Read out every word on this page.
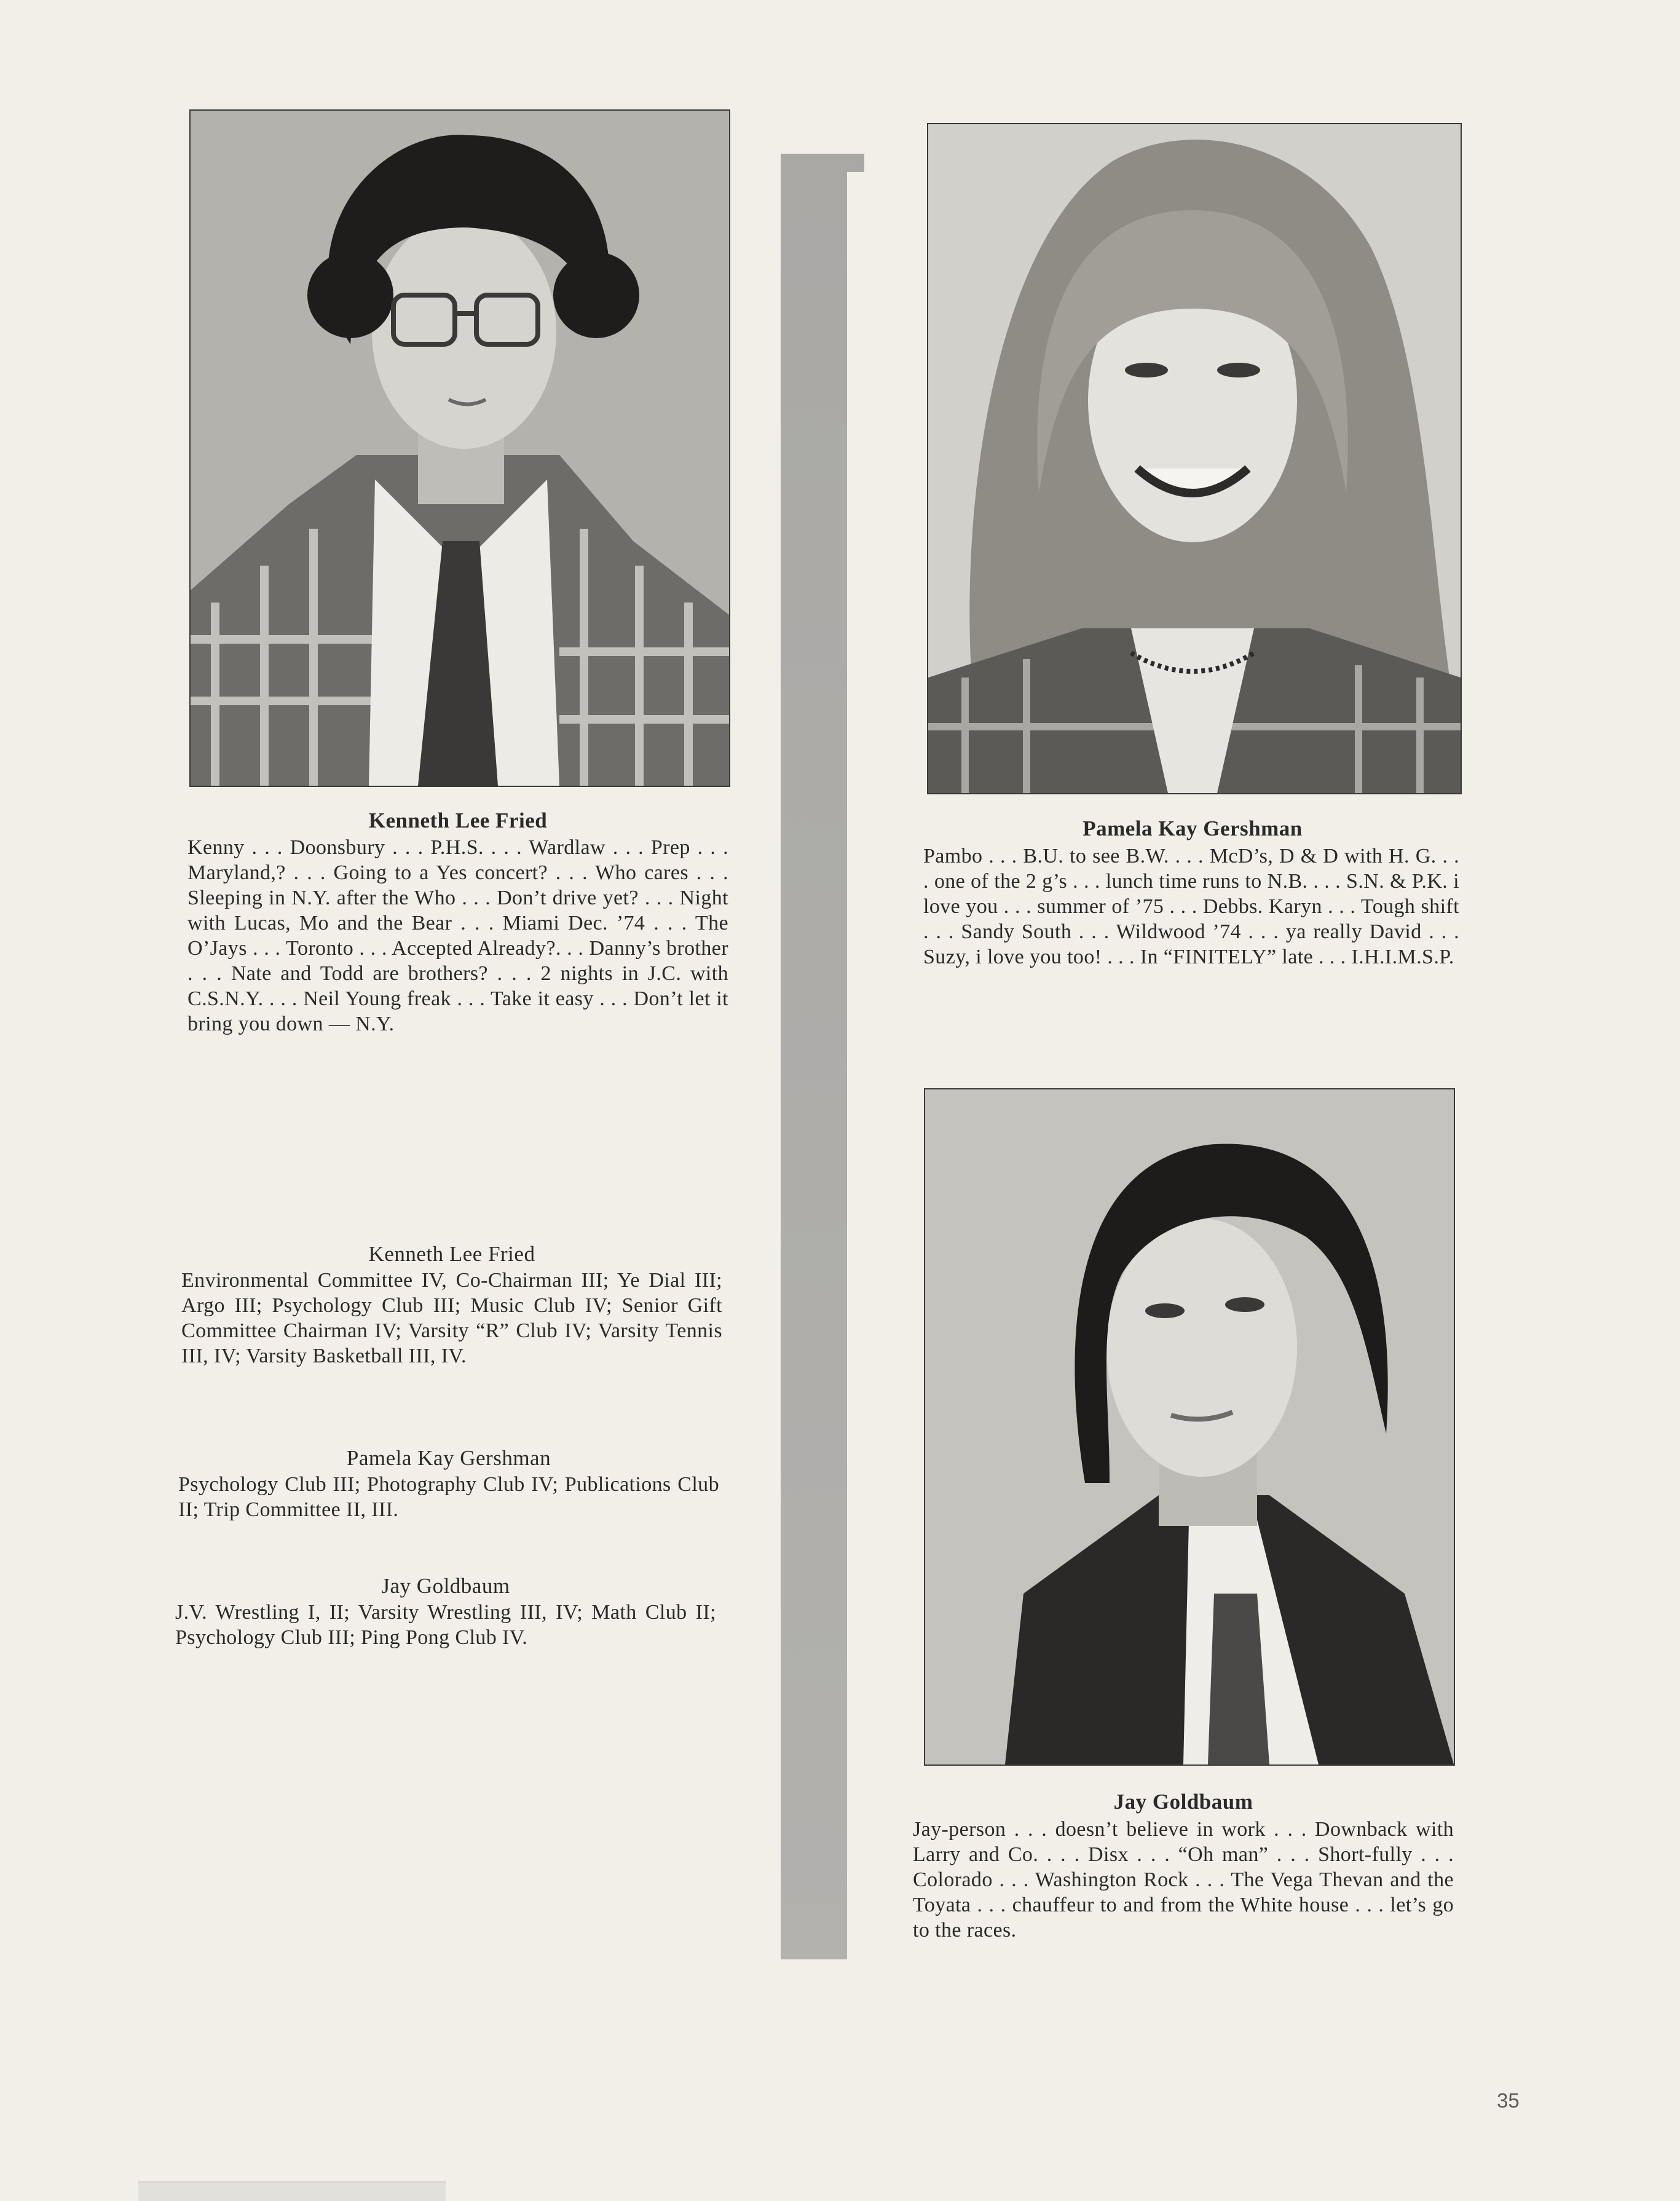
Kenneth Lee Fried
Kenny . . . Doonsbury . . . P.H.S. . . . Wardlaw . . . Prep . . . Maryland,? . . . Going to a Yes concert? . . . Who cares . . . Sleeping in N.Y. after the Who . . . Don’t drive yet? . . . Night with Lucas, Mo and the Bear . . . Miami Dec. ’74 . . . The O’Jays . . . Toronto . . . Accepted Already?. . . Danny’s brother . . . Nate and Todd are brothers? . . . 2 nights in J.C. with C.S.N.Y. . . . Neil Young freak . . . Take it easy . . . Don’t let it bring you down — N.Y.
Pamela Kay Gershman
Pambo . . . B.U. to see B.W. . . . McD’s, D & D with H. G. . . . one of the 2 g’s . . . lunch time runs to N.B. . . . S.N. & P.K. i love you . . . summer of ’75 . . . Debbs. Karyn . . . Tough shift . . . Sandy South . . . Wildwood ’74 . . . ya really David . . . Suzy, i love you too! . . . In “FINITELY” late . . . I.H.I.M.S.P.
Jay Goldbaum
Jay-person . . . doesn’t believe in work . . . Downback with Larry and Co. . . . Disx . . . “Oh man” . . . Short-fully . . . Colorado . . . Washington Rock . . . The Vega Thevan and the Toyata . . . chauffeur to and from the White house . . . let’s go to the races.
Kenneth Lee Fried
Environmental Committee IV, Co-Chairman III; Ye Dial III; Argo III; Psychology Club III; Music Club IV; Senior Gift Committee Chairman IV; Varsity “R” Club IV; Varsity Tennis III, IV; Varsity Basketball III, IV.
Pamela Kay Gershman
Psychology Club III; Photography Club IV; Publications Club II; Trip Committee II, III.
Jay Goldbaum
J.V. Wrestling I, II; Varsity Wrestling III, IV; Math Club II; Psychology Club III; Ping Pong Club IV.
35
